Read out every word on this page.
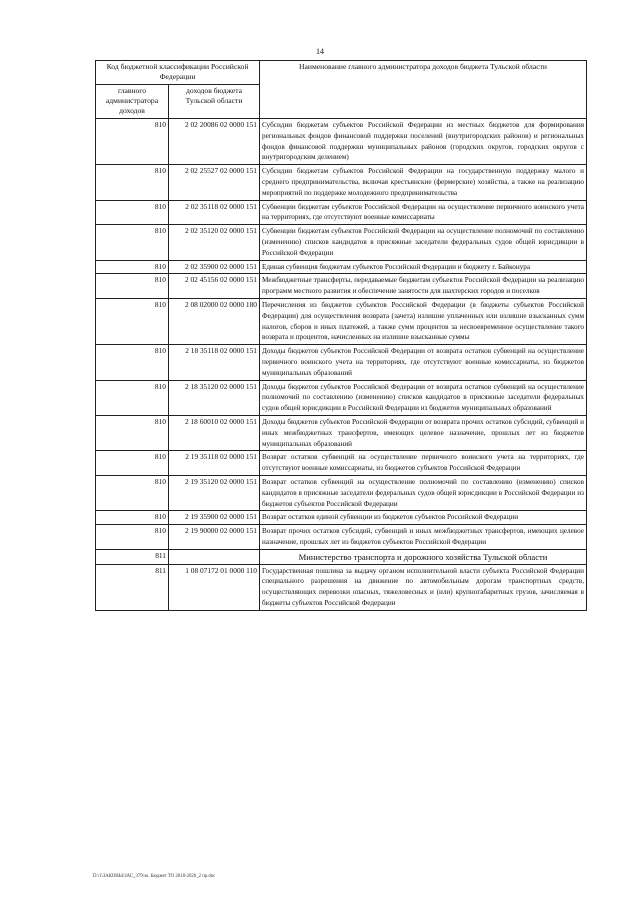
14
Код бюджетной классификации Российской Федерации		Наименование главного администратора доходов бюджета Тульской области
главного администратора доходов	доходов бюджета Тульской области	
810	2 02 20086 02 0000 151	Субсидии бюджетам субъектов Российской Федерации из местных бюджетов для формирования региональных фондов финансовой поддержки поселений (внутригородских районов) и региональных фондов финансовой поддержки муниципальных районов (городских округов, городских округов с внутригородским делением)
810	2 02 25527 02 0000 151	Субсидии бюджетам субъектов Российской Федерации на государственную поддержку малого и среднего предпринимательства, включая крестьянские (фермерские) хозяйства, а также на реализацию мероприятий по поддержке молодежного предпринимательства
810	2 02 35118 02 0000 151	Субвенции бюджетам субъектов Российской Федерации на осуществление первичного воинского учета на территориях, где отсутствуют военные комиссариаты
810	2 02 35120 02 0000 151	Субвенции бюджетам субъектов Российской Федерации на осуществление полномочий по составлению (изменению) списков кандидатов в присяжные заседатели федеральных судов общей юрисдикции в Российской Федерации
810	2 02 35900 02 0000 151	Единая субвенция бюджетам субъектов Российской Федерации и бюджету г. Байконура
810	2 02 45156 02 0000 151	Межбюджетные трансферты, передаваемые бюджетам субъектов Российской Федерации на реализацию программ местного развития и обеспечение занятости для шахтерских городов и поселков
810	2 08 02000 02 0000 180	Перечисления из бюджетов субъектов Российской Федерации (в бюджеты субъектов Российской Федерации) для осуществления возврата (зачета) излишне уплаченных или излишне взысканных сумм налогов, сборов и иных платежей, а также сумм процентов за несвоевременное осуществление такого возврата и процентов, начисленных на излишне взысканные суммы
810	2 18 35118 02 0000 151	Доходы бюджетов субъектов Российской Федерации от возврата остатков субвенций на осуществление первичного воинского учета на территориях, где отсутствуют военные комиссариаты, из бюджетов муниципальных образований
810	2 18 35120 02 0000 151	Доходы бюджетов субъектов Российской Федерации от возврата остатков субвенций на осуществление полномочий по составлению (изменению) списков кандидатов в присяжные заседатели федеральных судов общей юрисдикции в Российской Федерации из бюджетов муниципальных образований
810	2 18 60010 02 0000 151	Доходы бюджетов субъектов Российской Федерации от возврата прочих остатков субсидий, субвенций и иных межбюджетных трансфертов, имеющих целевое назначение, прошлых лет из бюджетов муниципальных образований
810	2 19 35118 02 0000 151	Возврат остатков субвенций на осуществление первичного воинского учета на территориях, где отсутствуют военные комиссариаты, из бюджетов субъектов Российской Федерации
810	2 19 35120 02 0000 151	Возврат остатков субвенций на осуществление полномочий по составлению (изменению) списков кандидатов в присяжные заседатели федеральных судов общей юрисдикции в Российской Федерации из бюджетов субъектов Российской Федерации
810	2 19 35900 02 0000 151	Возврат остатков единой субвенции из бюджетов субъектов Российской Федерации
810	2 19 90000 02 0000 151	Возврат прочих остатков субсидий, субвенций и иных межбюджетных трансфертов, имеющих целевое назначение, прошлых лет из бюджетов субъектов Российской Федерации
811		Министерство транспорта и дорожного хозяйства Тульской области
811	1 08 07172 01 0000 110	Государственная пошлина за выдачу органом исполнительной власти субъекта Российской Федерации специального разрешения на движение по автомобильным дорогам транспортных средств, осуществляющих перевозки опасных, тяжеловесных и (или) крупногабаритных грузов, зачисляемая в бюджеты субъектов Российской Федерации
D:\1\ЗАКОНЫ\ЗАС_379\зо. Бюджет ТО 2018-2020_2 пр.doc
